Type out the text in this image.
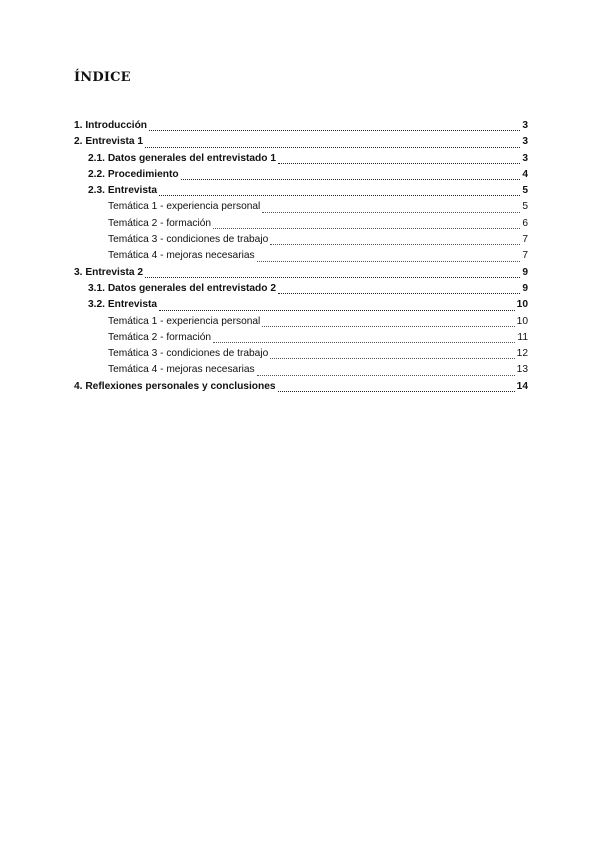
ÍNDICE
1. Introducción	3
2. Entrevista 1	3
2.1. Datos generales del entrevistado 1	3
2.2. Procedimiento	4
2.3. Entrevista	5
Temática 1 - experiencia personal	5
Temática 2 - formación	6
Temática 3 - condiciones de trabajo	7
Temática 4 - mejoras necesarias	7
3. Entrevista 2	9
3.1. Datos generales del entrevistado 2	9
3.2. Entrevista	10
Temática 1 - experiencia personal	10
Temática 2 - formación	11
Temática 3 - condiciones de trabajo	12
Temática 4 - mejoras necesarias	13
4. Reflexiones personales y conclusiones	14
